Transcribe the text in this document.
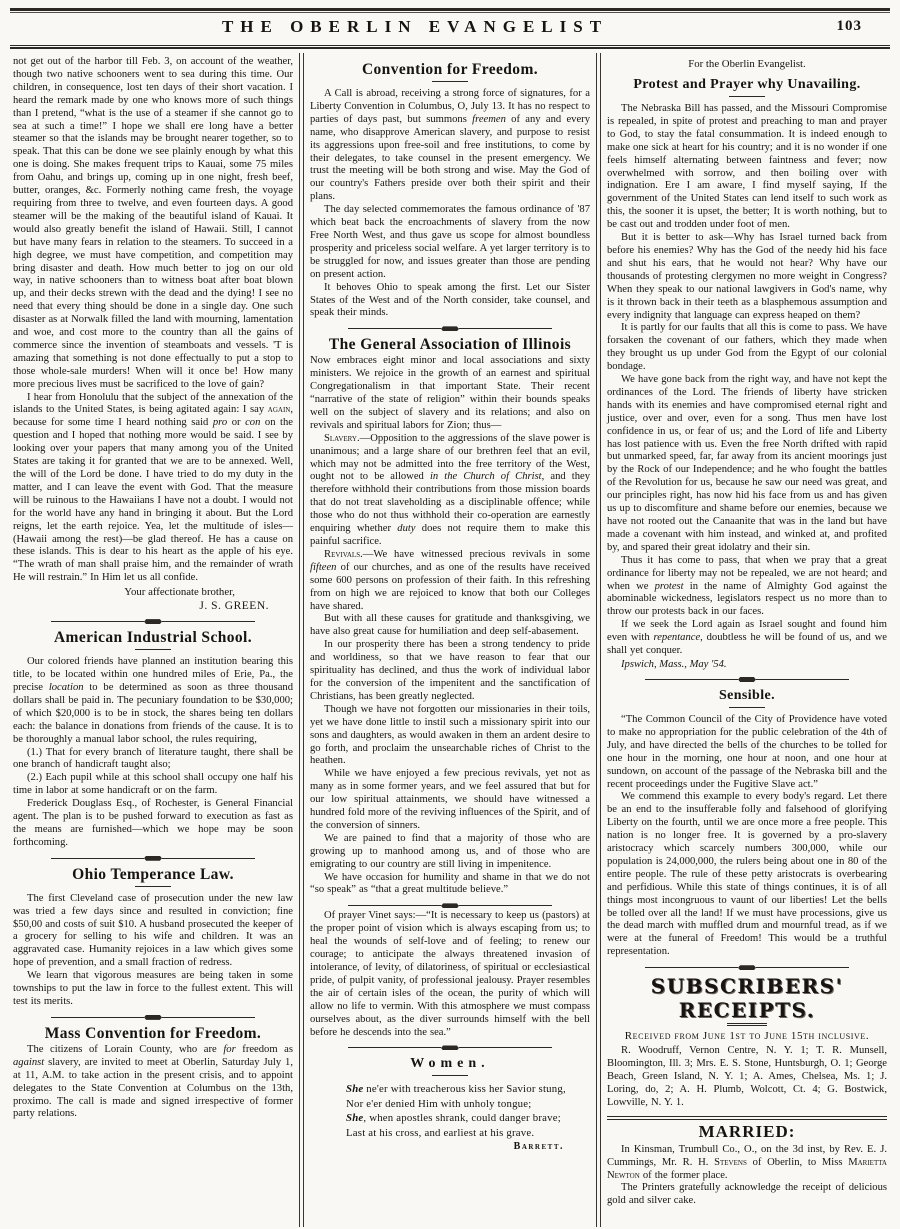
THE OBERLIN EVANGELIST	103

not get out of the harbor till Feb. 3, on account of the weather, though two native schooners went to sea during this time. Our children, in consequence, lost ten days of their short vacation. I heard the remark made by one who knows more of such things than I pretend, “what is the use of a steamer if she cannot go to sea at such a time!” I hope we shall ere long have a better steamer so that the islands may be brought nearer together, so to speak. That this can be done we see plainly enough by what this one is doing. She makes frequent trips to Kauai, some 75 miles from Oahu, and brings up, coming up in one night, fresh beef, butter, oranges, &c. Formerly nothing came fresh, the voyage requiring from three to twelve, and even fourteen days. A good steamer will be the making of the beautiful island of Kauai. It would also greatly benefit the island of Hawaii. Still, I cannot but have many fears in relation to the steamers. To succeed in a high degree, we must have competition, and competition may bring disaster and death. How much better to jog on our old way, in native schooners than to witness boat after boat blown up, and their decks strewn with the dead and the dying! I see no need that every thing should be done in a single day. One such disaster as at Norwalk filled the land with mourning, lamentation and woe, and cost more to the country than all the gains of commerce since the invention of steamboats and vessels. 'T is amazing that something is not done effectually to put a stop to those whole-sale murders! When will it once be! How many more precious lives must be sacrificed to the love of gain?

I hear from Honolulu that the subject of the annexation of the islands to the United States, is being agitated again: I say again, because for some time I heard nothing said pro or con on the question and I hoped that nothing more would be said. I see by looking over your papers that many among you of the United States are taking it for granted that we are to be annexed. Well, the will of the Lord be done. I have tried to do my duty in the matter, and I can leave the event with God. That the measure will be ruinous to the Hawaiians I have not a doubt. I would not for the world have any hand in bringing it about. But the Lord reigns, let the earth rejoice. Yea, let the multitude of isles—(Hawaii among the rest)—be glad thereof. He has a cause on these islands. This is dear to his heart as the apple of his eye. “The wrath of man shall praise him, and the remainder of wrath He will restrain.” In Him let us all confide.

Your affectionate brother,

J. S. GREEN.

American Industrial School.

Our colored friends have planned an institution bearing this title, to be located within one hundred miles of Erie, Pa., the precise location to be determined as soon as three thousand dollars shall be paid in. The pecuniary foundation to be $30,000; of which $20,000 is to be in stock, the shares being ten dollars each: the balance in donations from friends of the cause. It is to be thoroughly a manual labor school, the rules requiring,

(1.) That for every branch of literature taught, there shall be one branch of handicraft taught also;

(2.) Each pupil while at this school shall occupy one half his time in labor at some handicraft or on the farm.

Frederick Douglass Esq., of Rochester, is General Financial agent. The plan is to be pushed forward to execution as fast as the means are furnished—which we hope may be soon forthcoming.

Ohio Temperance Law.

The first Cleveland case of prosecution under the new law was tried a few days since and resulted in conviction; fine $50,00 and costs of suit $10. A husband prosecuted the keeper of a grocery for selling to his wife and children. It was an aggravated case. Humanity rejoices in a law which gives some hope of prevention, and a small fraction of redress.

We learn that vigorous measures are being taken in some townships to put the law in force to the fullest extent. This will test its merits.

Mass Convention for Freedom.

The citizens of Lorain County, who are for freedom as against slavery, are invited to meet at Oberlin, Saturday July 1, at 11, A.M. to take action in the present crisis, and to appoint delegates to the State Convention at Columbus on the 13th, proximo. The call is made and signed irrespective of former party relations.

Convention for Freedom.

A Call is abroad, receiving a strong force of signatures, for a Liberty Convention in Columbus, O, July 13. It has no respect to parties of days past, but summons freemen of any and every name, who disapprove American slavery, and purpose to resist its aggressions upon free-soil and free institutions, to come by their delegates, to take counsel in the present emergency. We trust the meeting will be both strong and wise. May the God of our country's Fathers preside over both their spirit and their plans.

The day selected commemorates the famous ordinance of '87 which beat back the encroachments of slavery from the now Free North West, and thus gave us scope for almost boundless prosperity and priceless social welfare. A yet larger territory is to be struggled for now, and issues greater than those are pending on present action.

It behoves Ohio to speak among the first. Let our Sister States of the West and of the North consider, take counsel, and speak their minds.

The General Association of Illinois

Now embraces eight minor and local associations and sixty ministers. We rejoice in the growth of an earnest and spiritual Congregationalism in that important State. Their recent “narrative of the state of religion” within their bounds speaks well on the subject of slavery and its relations; and also on revivals and spiritual labors for Zion; thus—

Slavery.—Opposition to the aggressions of the slave power is unanimous; and a large share of our brethren feel that an evil, which may not be admitted into the free territory of the West, ought not to be allowed in the Church of Christ, and they therefore withhold their contributions from those mission boards that do not treat slaveholding as a disciplinable offence; while those who do not thus withhold their co-operation are earnestly enquiring whether duty does not require them to make this painful sacrifice.

Revivals.—We have witnessed precious revivals in some fifteen of our churches, and as one of the results have received some 600 persons on profession of their faith. In this refreshing from on high we are rejoiced to know that both our Colleges have shared.

But with all these causes for gratitude and thanksgiving, we have also great cause for humiliation and deep self-abasement.

In our prosperity there has been a strong tendency to pride and worldiness, so that we have reason to fear that our spirituality has declined, and thus the work of individual labor for the conversion of the impenitent and the sanctification of Christians, has been greatly neglected.

Though we have not forgotten our missionaries in their toils, yet we have done little to instil such a missionary spirit into our sons and daughters, as would awaken in them an ardent desire to go forth, and proclaim the unsearchable riches of Christ to the heathen.

While we have enjoyed a few precious revivals, yet not as many as in some former years, and we feel assured that but for our low spiritual attainments, we should have witnessed a hundred fold more of the reviving influences of the Spirit, and of the conversion of sinners.

We are pained to find that a majority of those who are growing up to manhood among us, and of those who are emigrating to our country are still living in impenitence.

We have occasion for humility and shame in that we do not “so speak” as “that a great multitude believe.”

Of prayer Vinet says:—“It is necessary to keep us (pastors) at the proper point of vision which is always escaping from us; to heal the wounds of self-love and of feeling; to renew our courage; to anticipate the always threatened invasion of intolerance, of levity, of dilatoriness, of spiritual or ecclesiastical pride, of pulpit vanity, of professional jealousy. Prayer resembles the air of certain isles of the ocean, the purity of which will allow no life to vermin. With this atmosphere we must compass ourselves about, as the diver surrounds himself with the bell before he descends into the sea.”

Women.

She ne'er with treacherous kiss her Savior stung,

Nor e'er denied Him with unholy tongue;

She, when apostles shrank, could danger brave;

Last at his cross, and earliest at his grave.

Barrett.

For the Oberlin Evangelist.

Protest and Prayer why Unavailing.

The Nebraska Bill has passed, and the Missouri Compromise is repealed, in spite of protest and preaching to man and prayer to God, to stay the fatal consummation. It is indeed enough to make one sick at heart for his country; and it is no wonder if one feels himself alternating between faintness and fever; now overwhelmed with sorrow, and then boiling over with indignation. Ere I am aware, I find myself saying, If the government of the United States can lend itself to such work as this, the sooner it is upset, the better; It is worth nothing, but to be cast out and trodden under foot of men.

But it is better to ask—Why has Israel turned back from before his enemies? Why has the God of the needy hid his face and shut his ears, that he would not hear? Why have our thousands of protesting clergymen no more weight in Congress? When they speak to our national lawgivers in God's name, why is it thrown back in their teeth as a blasphemous assumption and every indignity that language can express heaped on them?

It is partly for our faults that all this is come to pass. We have forsaken the covenant of our fathers, which they made when they brought us up under God from the Egypt of our colonial bondage.

We have gone back from the right way, and have not kept the ordinances of the Lord. The friends of liberty have stricken hands with its enemies and have compromised eternal right and justice, over and over, even for a song. Thus men have lost confidence in us, or fear of us; and the Lord of life and Liberty has lost patience with us. Even the free North drifted with rapid but unmarked speed, far, far away from its ancient moorings just by the Rock of our Independence; and he who fought the battles of the Revolution for us, because he saw our need was great, and our principles right, has now hid his face from us and has given us up to discomfiture and shame before our enemies, because we have not rooted out the Canaanite that was in the land but have made a covenant with him instead, and winked at, and profited by, and spared their great idolatry and their sin.

Thus it has come to pass, that when we pray that a great ordinance for liberty may not be repealed, we are not heard; and when we protest in the name of Almighty God against the abominable wickedness, legislators respect us no more than to throw our protests back in our faces.

If we seek the Lord again as Israel sought and found him even with repentance, doubtless he will be found of us, and we shall yet conquer.

Ipswich, Mass., May '54.

Sensible.

“The Common Council of the City of Providence have voted to make no appropriation for the public celebration of the 4th of July, and have directed the bells of the churches to be tolled for one hour in the morning, one hour at noon, and one hour at sundown, on account of the passage of the Nebraska bill and the recent proceedings under the Fugitive Slave act.”

We commend this example to every body's regard. Let there be an end to the insufferable folly and falsehood of glorifying Liberty on the fourth, until we are once more a free people. This nation is no longer free. It is governed by a pro-slavery aristocracy which scarcely numbers 300,000, while our population is 24,000,000, the rulers being about one in 80 of the entire people. The rule of these petty aristocrats is overbearing and perfidious. While this state of things continues, it is of all things most incongruous to vaunt of our liberties! Let the bells be tolled over all the land! If we must have processions, give us the dead march with muffled drum and mournful tread, as if we were at the funeral of Freedom! This would be a truthful representation.

SUBSCRIBERS' RECEIPTS.

Received from June 1st to June 15th inclusive.

R. Woodruff, Vernon Centre, N. Y. 1; T. R. Munsell, Bloomington, Ill. 3; Mrs. E. S. Stone, Huntsburgh, O. 1; George Beach, Green Island, N. Y. 1; A. Ames, Chelsea, Ms. 1; J. Loring, do, 2; A. H. Plumb, Wolcott, Ct. 4; G. Bostwick, Lowville, N. Y. 1.

MARRIED:

In Kinsman, Trumbull Co., O., on the 3d inst, by Rev. E. J. Cummings, Mr. R. H. Stevens of Oberlin, to Miss Marietta Newton of the former place.

The Printers gratefully acknowledge the receipt of delicious gold and silver cake.
